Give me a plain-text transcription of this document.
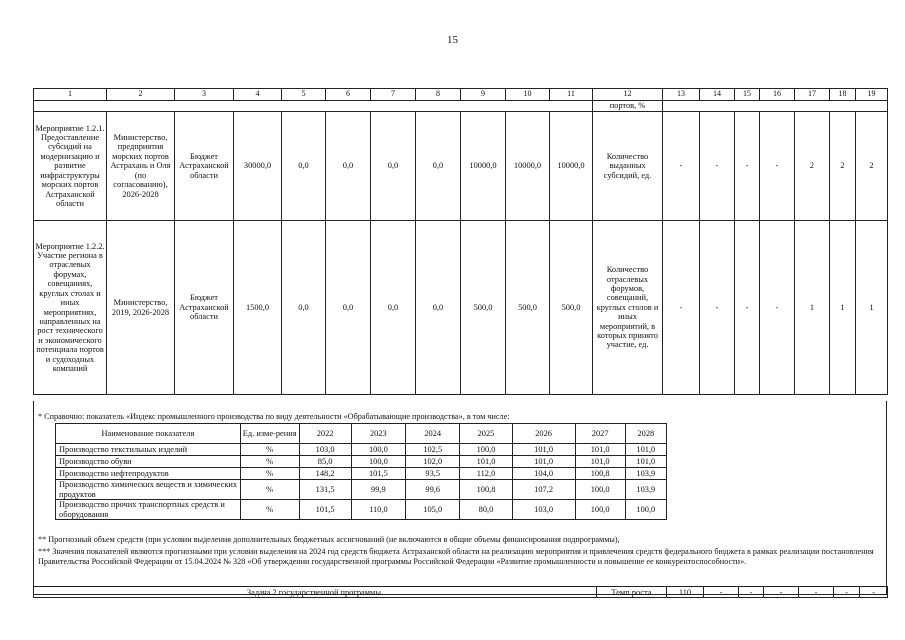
15
1	2	3	4	5	6	7	8	9	10	11	12	13	14	15	16	17	18	19
											портов, %							
Мероприятие 1.2.1. Предоставление субсидий на модернизацию и развитие инфраструктуры морских портов Астраханской области	Министерство, предприятия морских портов Астрахань и Оля (по согласованию), 2026-2028	Бюджет Астраханской области	30000,0	0,0	0,0	0,0	0,0	10000,0	10000,0	10000,0	Количество выданных субсидий, ед.	-	-	-	-	2	2	2
Мероприятие 1.2.2. Участие региона в отраслевых форумах, совещаниях, круглых столах и иных мероприятиях, направленных на рост технического и экономического потенциала портов и судоходных компаний	Министерство, 2019, 2026-2028	Бюджет Астраханской области	1500,0	0,0	0,0	0,0	0,0	500,0	500,0	500,0	Количество отраслевых форумов, совещаний, круглых столов и иных мероприятий, в которых принято участие, ед.	-	-	-	-	1	1	1
* Справочно: показатель «Индекс промышленного производства по виду деятельности «Обрабатывающие производства», в том числе:
Наименование показателя	Ед. изме-рения	2022	2023	2024	2025	2026	2027	2028
Производство текстильных изделий	%	103,0	100,0	102,5	100,0	101,0	101,0	101,0
Производство обуви	%	85,0	100,0	102,0	101,0	101,0	101,0	101,0
Производство нефтепродуктов	%	148,2	101,5	93,5	112,0	104,0	100,8	103,9
Производство химических веществ и химических продуктов	%	131,5	99,9	99,6	100,8	107,2	100,0	103,9
Производство прочих транспортных средств и оборудования	%	101,5	110,0	105,0	80,0	103,0	100,0	100,0
** Прогнозный объем средств (при условии выделения дополнительных бюджетных ассигнований (не включаются в общие объемы финансирования подпрограммы),
*** Значения показателей являются прогнозными при условии выделения на 2024 год средств бюджета Астраханской области на реализацию мероприятия и привлечения средств федерального бюджета в рамках реализации постановления Правительства Российской Федерации от 15.04.2024 № 328 «Об утверждении государственной программы Российской Федерации «Развитие промышленности и повышение ее конкурентоспособности».
Задача 2 государственной программы.	Темп роста	110	-	-	-	-	-	-
